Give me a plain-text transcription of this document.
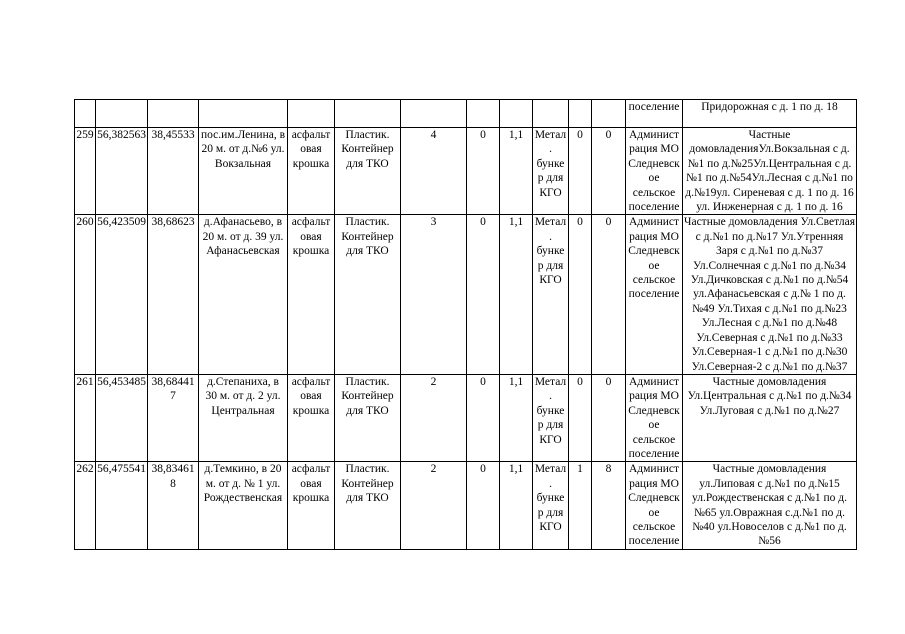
												поселение	Придорожная с д. 1 по д. 18
259	56,382563	38,45533	пос.им.Ленина, в 20 м. от д.№6 ул. Вокзальная	асфальтовая крошка	Пластик. Контейнер для ТКО	4	0	1,1	Метал. бункер для КГО	0	0	Администрация МО Следневское сельское поселение	Частные домовладенияУл.Вокзальная с д.№1 по д.№25Ул.Центральная с д.№1 по д.№54Ул.Лесная с д.№1 по д.№19ул. Сиреневая с д. 1 по д. 16 ул. Инженерная с д. 1 по д. 16
260	56,423509	38,68623	д.Афанасьево, в 20 м. от д. 39 ул. Афанасьевская	асфальтовая крошка	Пластик. Контейнер для ТКО	3	0	1,1	Метал. бункер для КГО	0	0	Администрация МО Следневское сельское поселение	Частные домовладения Ул.Светлая с д.№1 по д.№17 Ул.Утренняя Заря с д.№1 по д.№37 Ул.Солнечная с д.№1 по д.№34 Ул.Дичковская с д.№1 по д.№54 ул.Афанасьевская с д.№ 1 по д.№49 Ул.Тихая с д.№1 по д.№23 Ул.Лесная с д.№1 по д.№48 Ул.Северная с д.№1 по д.№33 Ул.Северная-1 с д.№1 по д.№30 Ул.Северная-2 с д.№1 по д.№37
261	56,453485	38,684417	д.Степаниха, в 30 м. от д. 2 ул. Центральная	асфальтовая крошка	Пластик. Контейнер для ТКО	2	0	1,1	Метал. бункер для КГО	0	0	Администрация МО Следневское сельское поселение	Частные домовладения Ул.Центральная с д.№1 по д.№34 Ул.Луговая с д.№1 по д.№27
262	56,475541	38,834618	д.Темкино, в 20 м. от д. № 1 ул. Рождественская	асфальтовая крошка	Пластик. Контейнер для ТКО	2	0	1,1	Метал. бункер для КГО	1	8	Администрация МО Следневское сельское поселение	Частные домовладения ул.Липовая с д.№1 по д.№15 ул.Рождественская с д.№1 по д.№65 ул.Овражная с.д.№1 по д.№40 ул.Новоселов с д.№1 по д.№56
